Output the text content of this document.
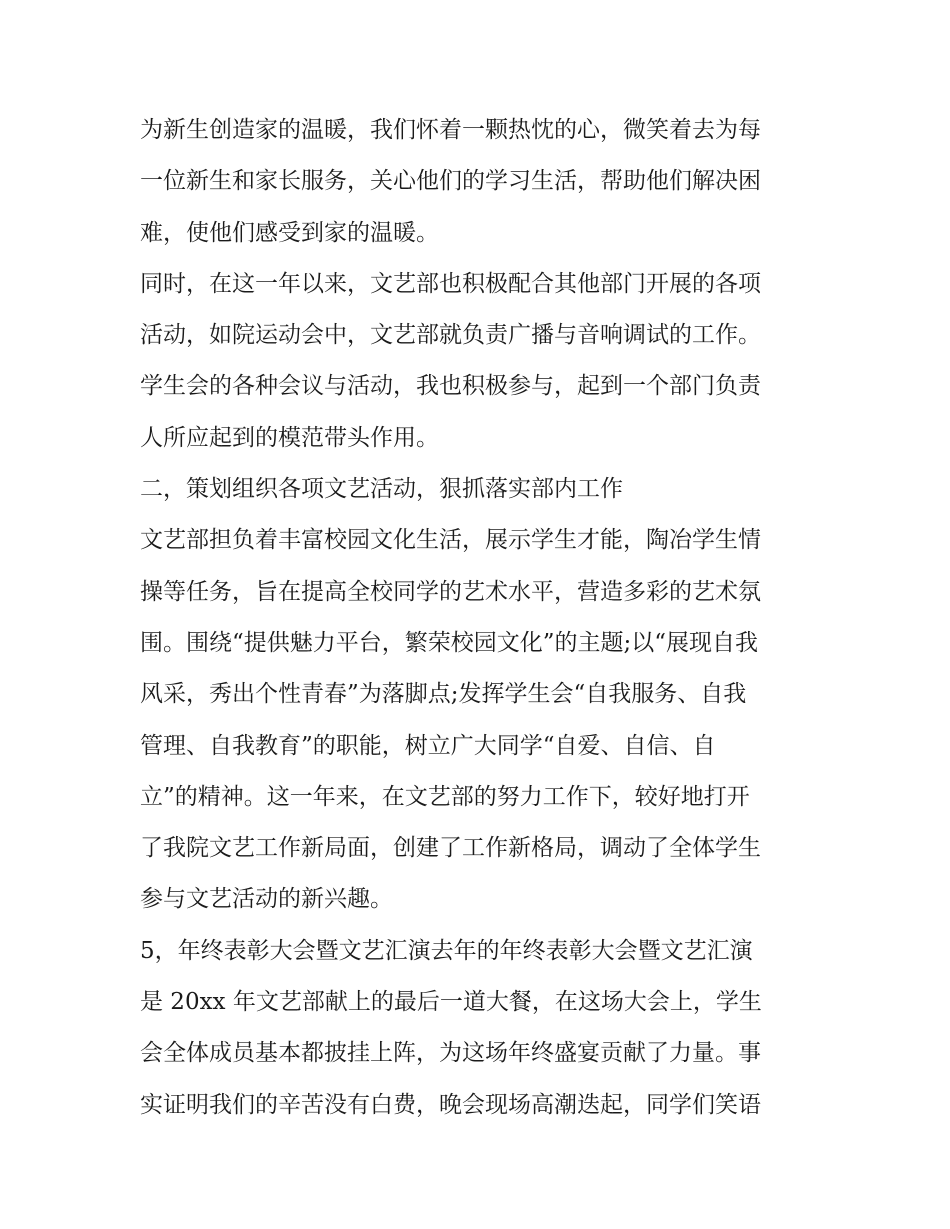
为新生创造家的温暖，我们怀着一颗热忱的心，微笑着去为每
一位新生和家长服务，关心他们的学习生活，帮助他们解决困
难，使他们感受到家的温暖。
同时，在这一年以来，文艺部也积极配合其他部门开展的各项
活动，如院运动会中，文艺部就负责广播与音响调试的工作。
学生会的各种会议与活动，我也积极参与，起到一个部门负责
人所应起到的模范带头作用。
二，策划组织各项文艺活动，狠抓落实部内工作
文艺部担负着丰富校园文化生活，展示学生才能，陶冶学生情
操等任务，旨在提高全校同学的艺术水平，营造多彩的艺术氛
围。围绕“提供魅力平台，繁荣校园文化”的主题;以“展现自我
风采，秀出个性青春”为落脚点;发挥学生会“自我服务、自我
管理、自我教育”的职能，树立广大同学“自爱、自信、自
立”的精神。这一年来，在文艺部的努力工作下，较好地打开
了我院文艺工作新局面，创建了工作新格局，调动了全体学生
参与文艺活动的新兴趣。
5，年终表彰大会暨文艺汇演去年的年终表彰大会暨文艺汇演
是 20xx 年文艺部献上的最后一道大餐，在这场大会上，学生
会全体成员基本都披挂上阵，为这场年终盛宴贡献了力量。事
实证明我们的辛苦没有白费，晚会现场高潮迭起，同学们笑语
